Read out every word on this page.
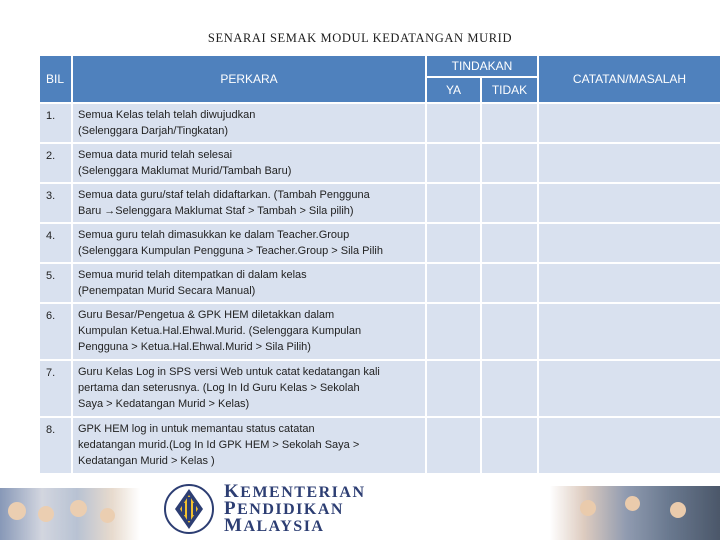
SENARAI SEMAK MODUL KEDATANGAN MURID
BIL	PERKARA	TINDAKAN		CATATAN/MASALAH
		YA	TIDAK	
1.	Semua Kelas telah telah diwujudkan
(Selenggara Darjah/Tingkatan)			

2.	Semua data murid telah selesai
(Selenggara Maklumat Murid/Tambah Baru)			

3.	Semua data guru/staf telah didaftarkan. (Tambah Pengguna
Baru →Selenggara Maklumat Staf > Tambah > Sila pilih)			

4.	Semua guru telah dimasukkan ke dalam Teacher.Group
(Selenggara Kumpulan Pengguna > Teacher.Group > Sila Pilih			

5.	Semua murid telah ditempatkan di dalam kelas
(Penempatan Murid Secara Manual)			

6.	Guru Besar/Pengetua & GPK HEM diletakkan dalam
Kumpulan Ketua.Hal.Ehwal.Murid. (Selenggara Kumpulan
Pengguna > Ketua.Hal.Ehwal.Murid > Sila Pilih)			

7.	Guru Kelas Log in SPS versi Web untuk catat kedatangan kali
pertama dan seterusnya. (Log In Id Guru Kelas > Sekolah
Saya > Kedatangan Murid > Kelas)			

8.	GPK HEM log in untuk memantau status catatan
kedatangan murid.(Log In Id GPK HEM > Sekolah Saya >
Kedatangan Murid > Kelas )			

KEMENTERIAN
PENDIDIKAN
MALAYSIA
